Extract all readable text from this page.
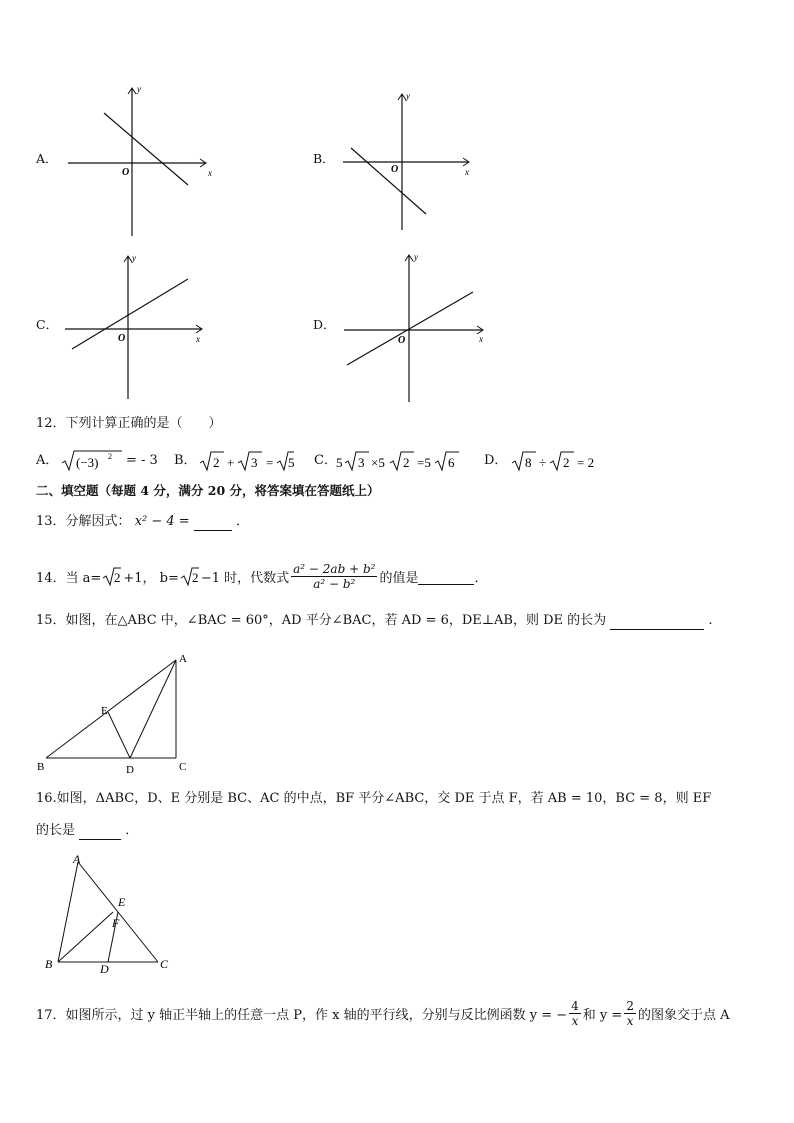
A．
x
y
O
B．
x
y
O
C．
x
y
O
D．
x
y
O
12．下列计算正确的是（　　）
A． (−3) 2 = - 3 B． 2 + 3 = 5 C． 5 3 ×5 2 =5 6 D． 8 ÷ 2 = 2
二、填空题（每题 4 分，满分 20 分，将答案填在答题纸上）
13．分解因式： x² − 4 =	．
14．当 a= 2 +1， b= 2 −1 时，代数式 $\frac{\text{a² − 2ab + b²}}{\text{a² − b²}}$ 的值是	．
15．如图，在△ABC 中，∠BAC = 60°，AD 平分∠BAC，若 AD = 6，DE⊥AB，则 DE 的长为	.
A
B	C
D
E
16.如图，ΔABC，D、E 分别是 BC、AC 的中点，BF 平分∠ABC，交 DE 于点 F，若 AB = 10，BC = 8，则 EF
的长是	．
A
B	C
D
E
F
17．如图所示，过 y 轴正半轴上的任意一点 P，作 x 轴的平行线，分别与反比例函数 y = − $\frac{4}{x}$ 和 $y = \frac{2}{x}$ 的图象交于点 A
